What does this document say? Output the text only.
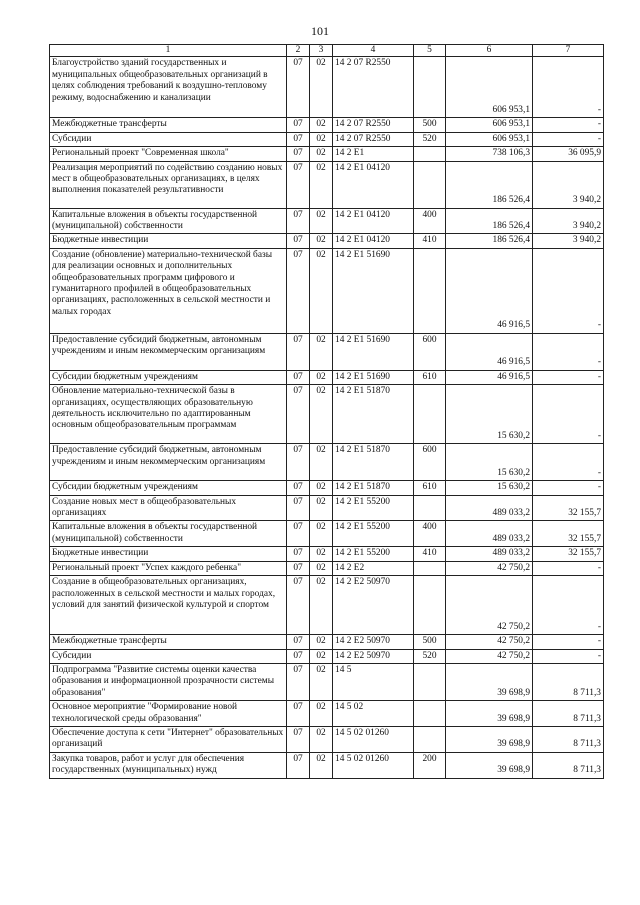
101
1	2	3	4	5	6	7
Благоустройство зданий государственных и муниципальных общеобразовательных организаций в целях соблюдения требований к воздушно-тепловому режиму, водоснабжению и канализации	07	02	14 2 07 R2550		606 953,1	-
Межбюджетные трансферты	07	02	14 2 07 R2550	500	606 953,1	-
Субсидии	07	02	14 2 07 R2550	520	606 953,1	-
Региональный проект "Современная школа"	07	02	14 2 E1		738 106,3	36 095,9
Реализация мероприятий по содействию созданию новых мест в общеобразовательных организациях, в целях выполнения показателей результативности	07	02	14 2 E1 04120		186 526,4	3 940,2
Капитальные вложения в объекты государственной (муниципальной) собственности	07	02	14 2 E1 04120	400	186 526,4	3 940,2
Бюджетные инвестиции	07	02	14 2 E1 04120	410	186 526,4	3 940,2
Создание (обновление) материально-технической базы для реализации основных и дополнительных общеобразовательных программ цифрового и гуманитарного профилей в общеобразовательных организациях, расположенных в сельской местности и малых городах	07	02	14 2 E1 51690		46 916,5	-
Предоставление субсидий бюджетным, автономным учреждениям и иным некоммерческим организациям	07	02	14 2 E1 51690	600	46 916,5	-
Субсидии бюджетным учреждениям	07	02	14 2 E1 51690	610	46 916,5	-
Обновление материально-технической базы в организациях, осуществляющих образовательную деятельность исключительно по адаптированным основным общеобразовательным программам	07	02	14 2 E1 51870		15 630,2	-
Предоставление субсидий бюджетным, автономным учреждениям и иным некоммерческим организациям	07	02	14 2 E1 51870	600	15 630,2	-
Субсидии бюджетным учреждениям	07	02	14 2 E1 51870	610	15 630,2	-
Создание новых мест в общеобразовательных организациях	07	02	14 2 E1 55200		489 033,2	32 155,7
Капитальные вложения в объекты государственной (муниципальной) собственности	07	02	14 2 E1 55200	400	489 033,2	32 155,7
Бюджетные инвестиции	07	02	14 2 E1 55200	410	489 033,2	32 155,7
Региональный проект "Успех каждого ребенка"	07	02	14 2 E2		42 750,2	-
Создание в общеобразовательных организациях, расположенных в сельской местности и малых городах, условий для занятий физической культурой и спортом	07	02	14 2 E2 50970		42 750,2	-
Межбюджетные трансферты	07	02	14 2 E2 50970	500	42 750,2	-
Субсидии	07	02	14 2 E2 50970	520	42 750,2	-
Подпрограмма "Развитие системы оценки качества образования и информационной прозрачности системы образования"	07	02	14 5		39 698,9	8 711,3
Основное мероприятие "Формирование новой технологической среды образования"	07	02	14 5 02		39 698,9	8 711,3
Обеспечение доступа к сети "Интернет" образовательных организаций	07	02	14 5 02 01260		39 698,9	8 711,3
Закупка товаров, работ и услуг для обеспечения государственных (муниципальных) нужд	07	02	14 5 02 01260	200	39 698,9	8 711,3
